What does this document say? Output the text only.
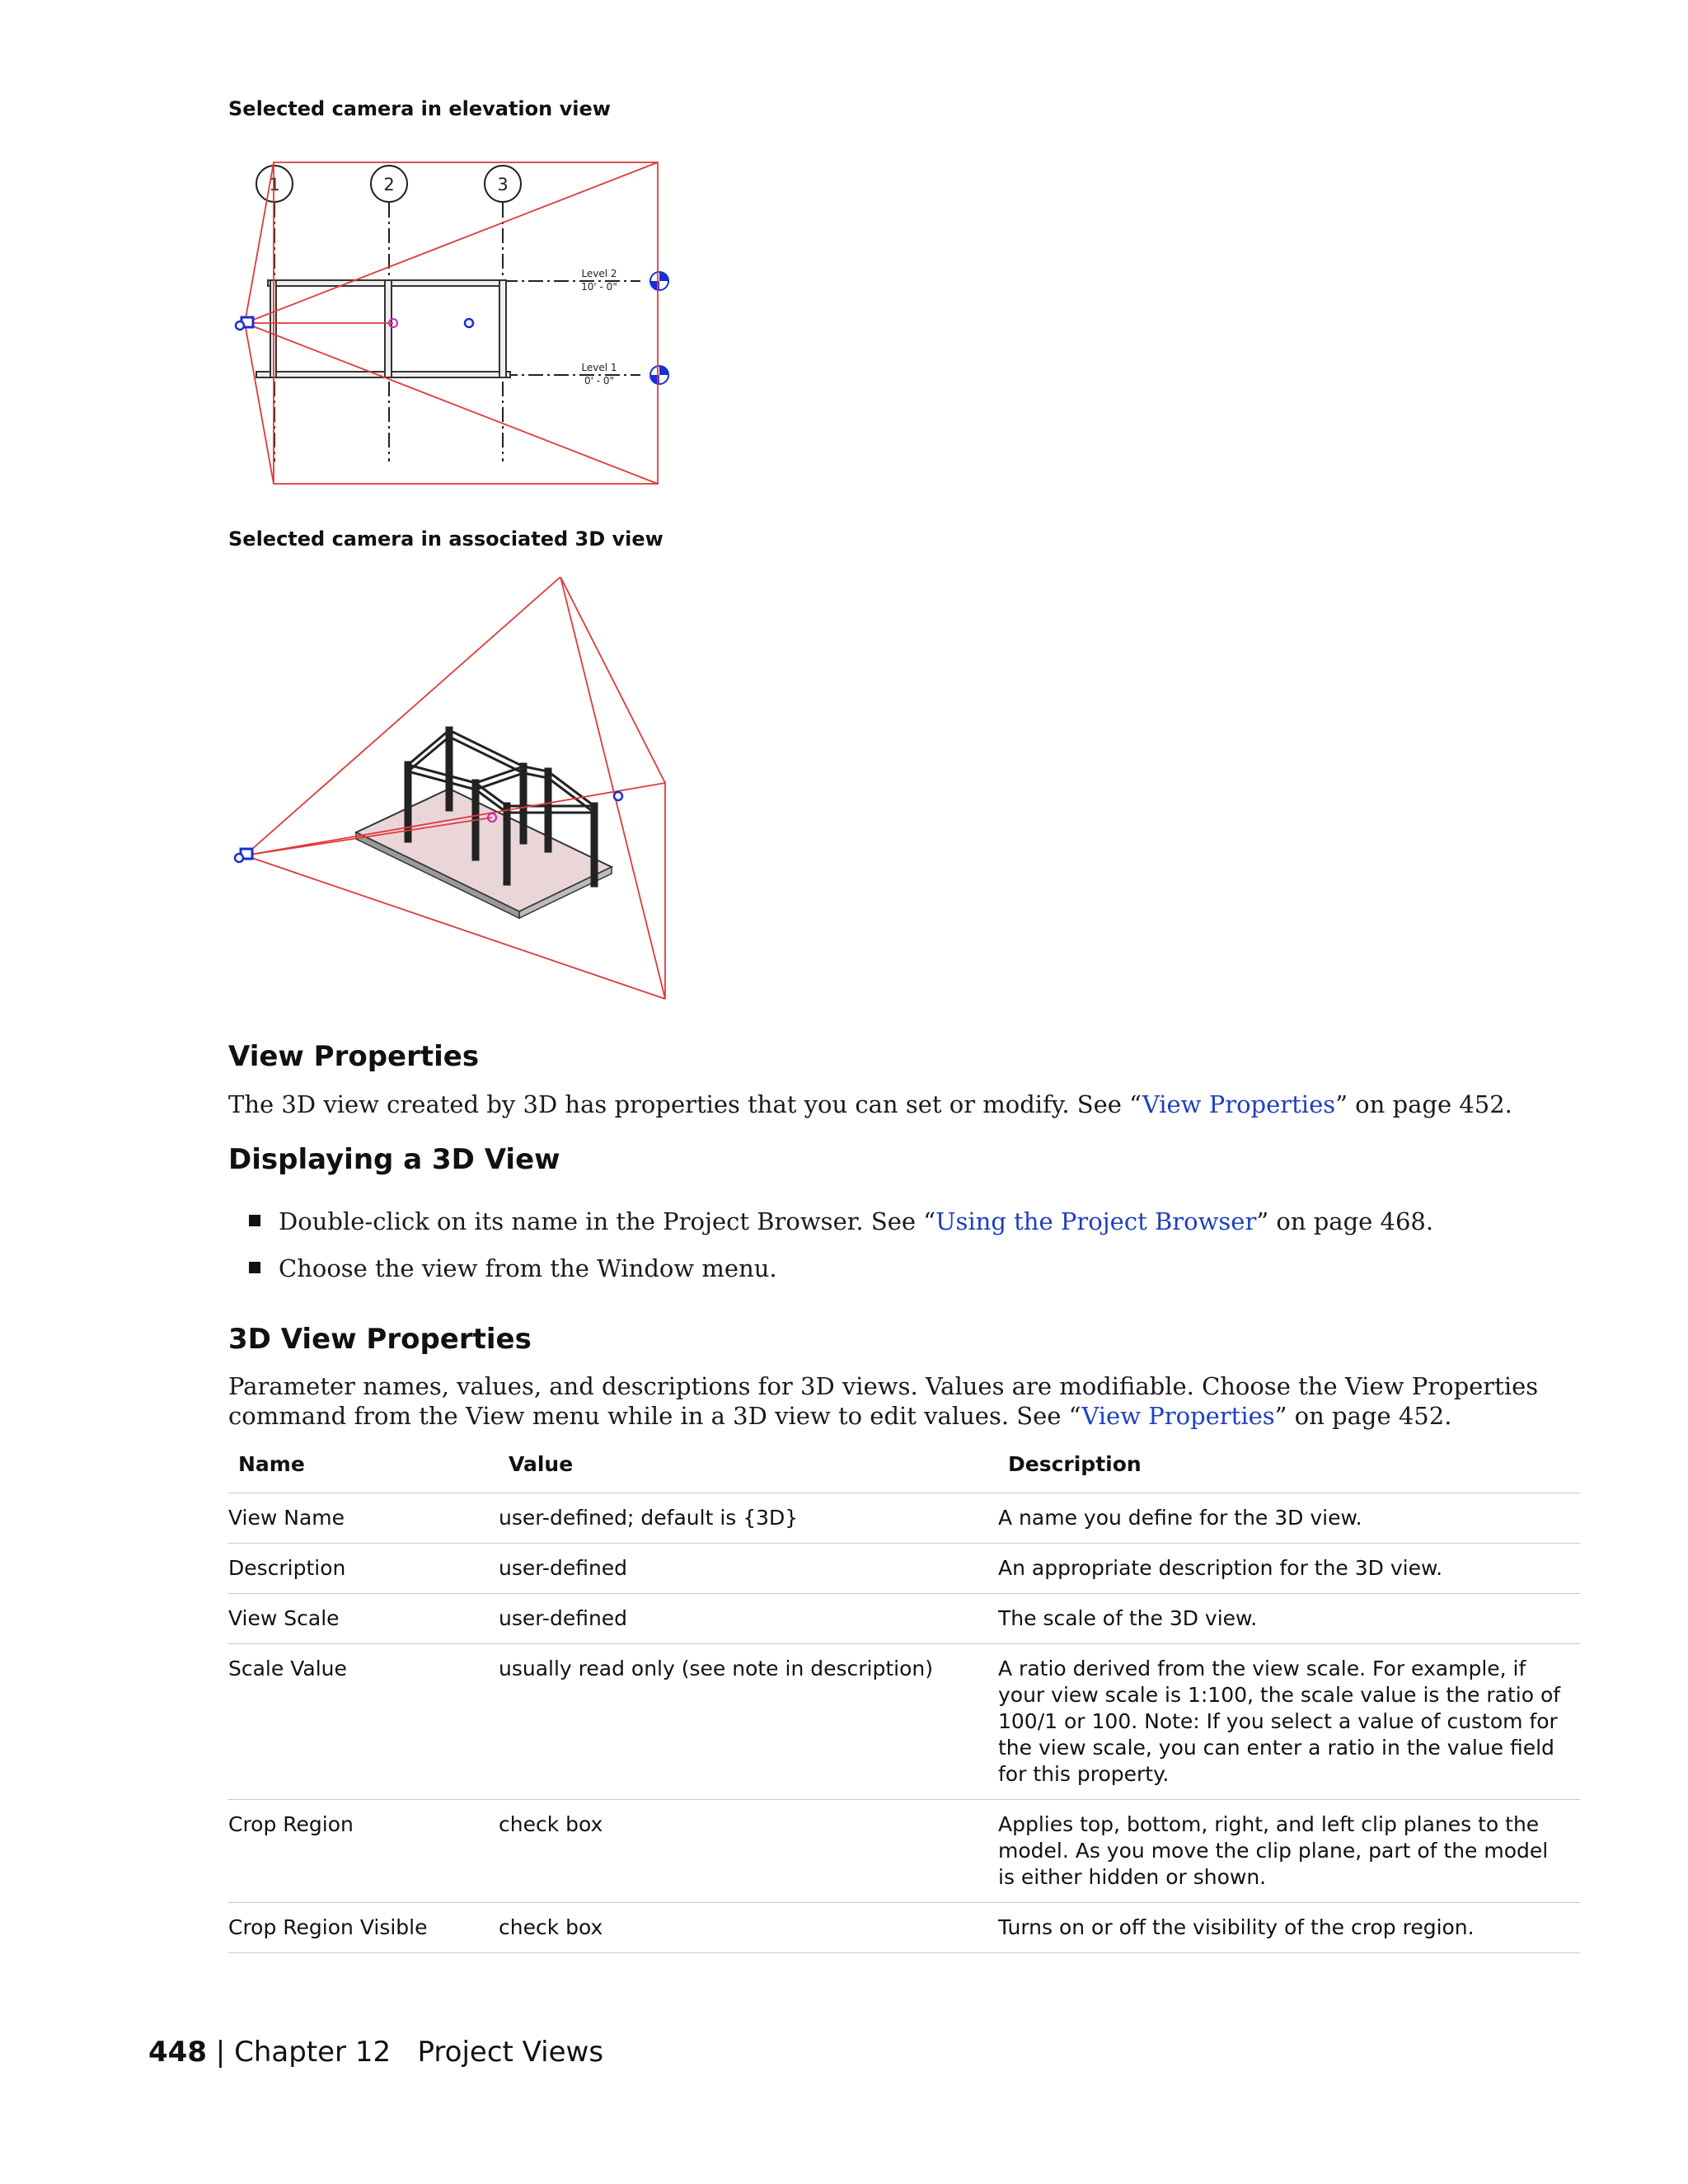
Selected camera in elevation view
1	2	3
Level 2
10' - 0"
Level 1
0' - 0"
Selected camera in associated 3D view
View Properties

The 3D view created by 3D has properties that you can set or modify. See “View Properties” on page 452.

Displaying a 3D View
Double-click on its name in the Project Browser. See “Using the Project Browser” on page 468.
Choose the view from the Window menu.
3D View Properties

Parameter names, values, and descriptions for 3D views. Values are modifiable. Choose the View Properties command from the View menu while in a 3D view to edit values. See “View Properties” on page 452.

Name	Value	Description
View Name	user-defined; default is {3D}	A name you define for the 3D view.
Description	user-defined	An appropriate description for the 3D view.
View Scale	user-defined	The scale of the 3D view.
Scale Value	usually read only (see note in description)	A ratio derived from the view scale. For example, if your view scale is 1:100, the scale value is the ratio of 100/1 or 100. Note: If you select a value of custom for the view scale, you can enter a ratio in the value field for this property.
Crop Region	check box	Applies top, bottom, right, and left clip planes to the model. As you move the clip plane, part of the model is either hidden or shown.
Crop Region Visible	check box	Turns on or off the visibility of the crop region.
448 | Chapter 12 Project Views
